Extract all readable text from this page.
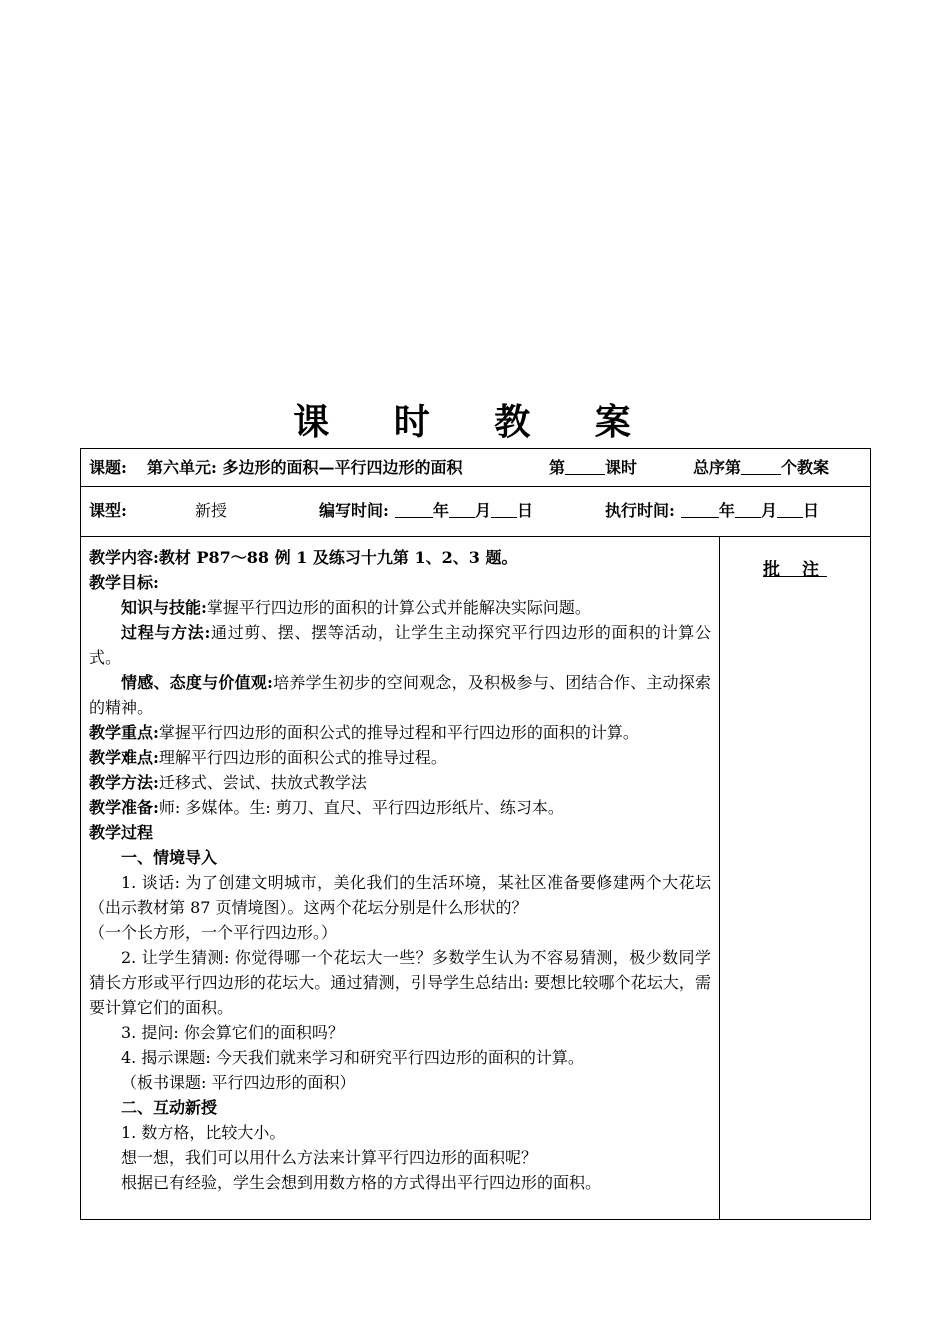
课 时 教 案
课题: 第六单元: 多边形的面积—平行四边形的面积	第	课时	总序第	个教案
课型:	新授	编写时间:	年 月 日	执行时间:	年 月 日

教学内容:教材 P87～88 例 1 及练习十九第 1、2、3 题。

教学目标:

知识与技能:掌握平行四边形的面积的计算公式并能解决实际问题。

过程与方法:通过剪、摆、摆等活动，让学生主动探究平行四边形的面积的计算公式。

情感、态度与价值观:培养学生初步的空间观念，及积极参与、团结合作、主动探索的精神。

教学重点:掌握平行四边形的面积公式的推导过程和平行四边形的面积的计算。

教学难点:理解平行四边形的面积公式的推导过程。

教学方法:迁移式、尝试、扶放式教学法

教学准备:师: 多媒体。生: 剪刀、直尺、平行四边形纸片、练习本。

教学过程

一、情境导入

1. 谈话: 为了创建文明城市，美化我们的生活环境，某社区准备要修建两个大花坛（出示教材第 87 页情境图）。这两个花坛分别是什么形状的？

（一个长方形，一个平行四边形。）

2. 让学生猜测: 你觉得哪一个花坛大一些？多数学生认为不容易猜测，极少数同学猜长方形或平行四边形的花坛大。通过猜测，引导学生总结出: 要想比较哪个花坛大，需要计算它们的面积。

3. 提问: 你会算它们的面积吗？

4. 揭示课题: 今天我们就来学习和研究平行四边形的面积的计算。

（板书课题: 平行四边形的面积）

二、互动新授

1. 数方格，比较大小。

想一想，我们可以用什么方法来计算平行四边形的面积呢？

根据已有经验，学生会想到用数方格的方式得出平行四边形的面积。

批 注
